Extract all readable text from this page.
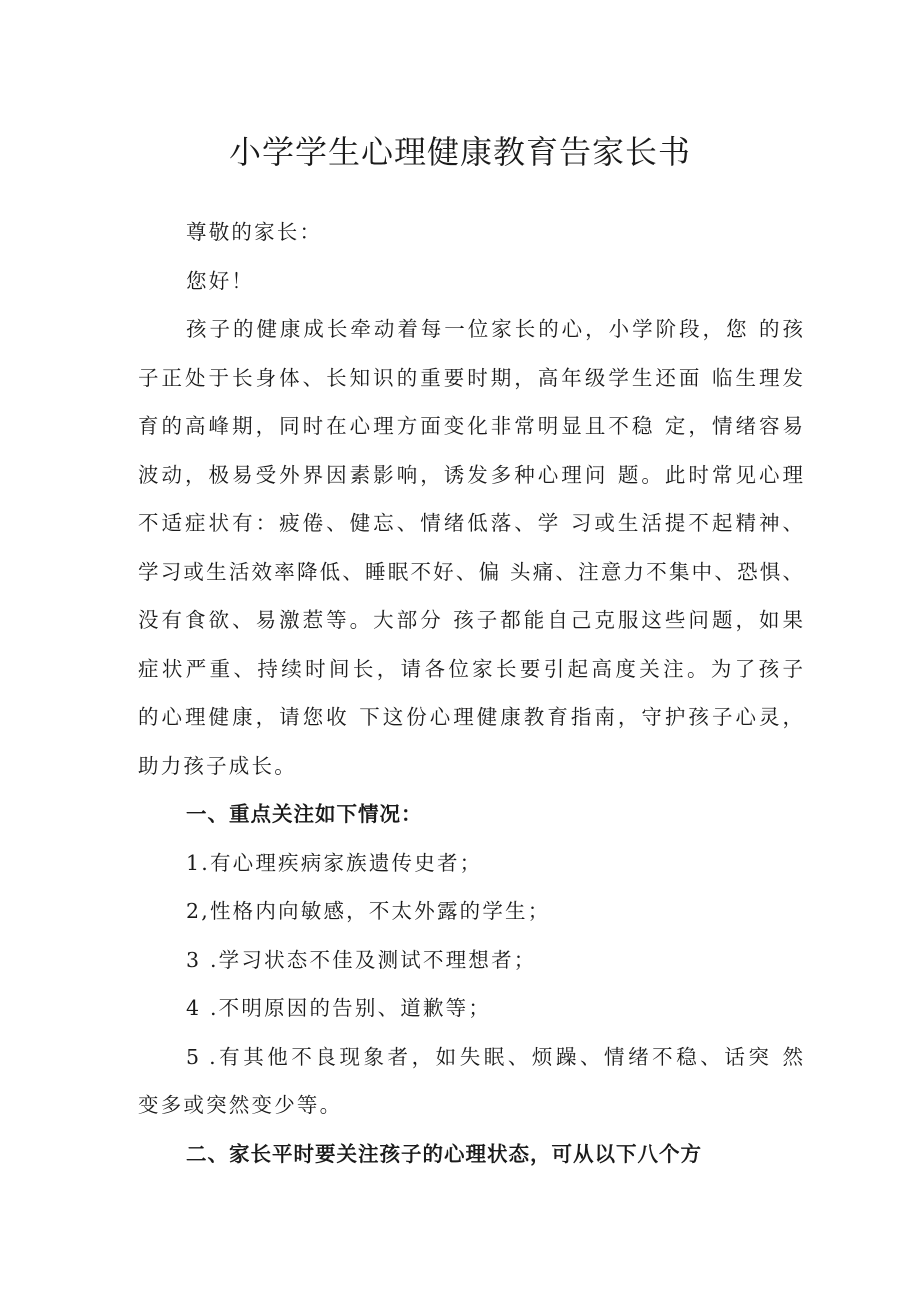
小学学生心理健康教育告家长书

尊敬的家长：

您好！

孩子的健康成长牵动着每一位家长的心，小学阶段，您 的孩

子正处于长身体、长知识的重要时期，高年级学生还面 临生理发

育的高峰期，同时在心理方面变化非常明显且不稳 定，情绪容易

波动，极易受外界因素影响，诱发多种心理问 题。此时常见心理

不适症状有：疲倦、健忘、情绪低落、学 习或生活提不起精神、

学习或生活效率降低、睡眠不好、偏 头痛、注意力不集中、恐惧、

没有食欲、易激惹等。大部分 孩子都能自己克服这些问题，如果

症状严重、持续时间长，请各位家长要引起高度关注。为了孩子

的心理健康，请您收 下这份心理健康教育指南，守护孩子心灵，

助力孩子成长。

一、重点关注如下情况：

1.有心理疾病家族遗传史者；

2,性格内向敏感，不太外露的学生；

3 .学习状态不佳及测试不理想者；

4 .不明原因的告别、道歉等；

5 .有其他不良现象者，如失眠、烦躁、情绪不稳、话突 然

变多或突然变少等。

二、家长平时要关注孩子的心理状态，可从以下八个方
